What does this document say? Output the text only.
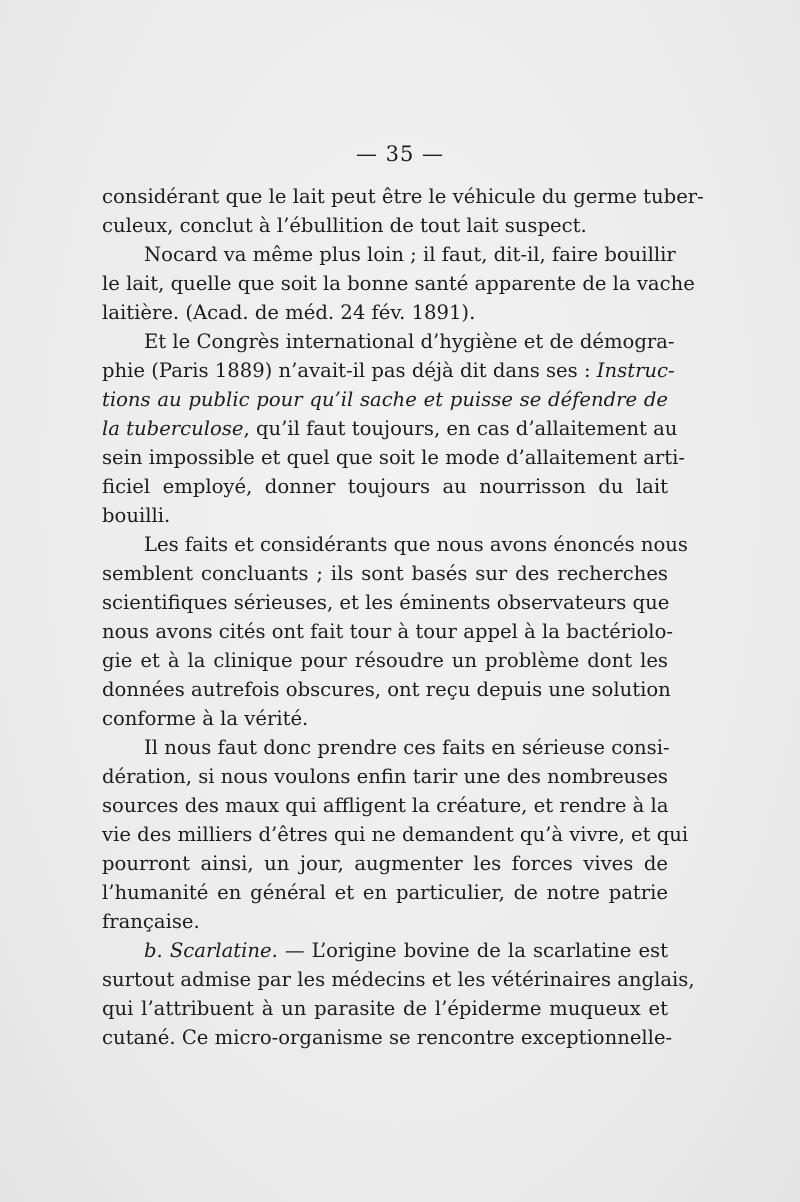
— 35 —

considérant que le lait peut être le véhicule du germe tuber-
culeux, conclut à l’ébullition de tout lait suspect.

Nocard va même plus loin ; il faut, dit-il, faire bouillir
le lait, quelle que soit la bonne santé apparente de la vache
laitière. (Acad. de méd. 24 fév. 1891).

Et le Congrès international d’hygiène et de démogra-
phie (Paris 1889) n’avait-il pas déjà dit dans ses : Instruc-
tions au public pour qu’il sache et puisse se défendre de
la tuberculose, qu’il faut toujours, en cas d’allaitement au
sein impossible et quel que soit le mode d’allaitement arti-
ficiel employé, donner toujours au nourrisson du lait
bouilli.

Les faits et considérants que nous avons énoncés nous
semblent concluants ; ils sont basés sur des recherches
scientifiques sérieuses, et les éminents observateurs que
nous avons cités ont fait tour à tour appel à la bactériolo-
gie et à la clinique pour résoudre un problème dont les
données autrefois obscures, ont reçu depuis une solution
conforme à la vérité.

Il nous faut donc prendre ces faits en sérieuse consi-
dération, si nous voulons enfin tarir une des nombreuses
sources des maux qui affligent la créature, et rendre à la
vie des milliers d’êtres qui ne demandent qu’à vivre, et qui
pourront ainsi, un jour, augmenter les forces vives de
l’humanité en général et en particulier, de notre patrie
française.

b. Scarlatine. — L’origine bovine de la scarlatine est
surtout admise par les médecins et les vétérinaires anglais,
qui l’attribuent à un parasite de l’épiderme muqueux et
cutané. Ce micro-organisme se rencontre exceptionnelle-
